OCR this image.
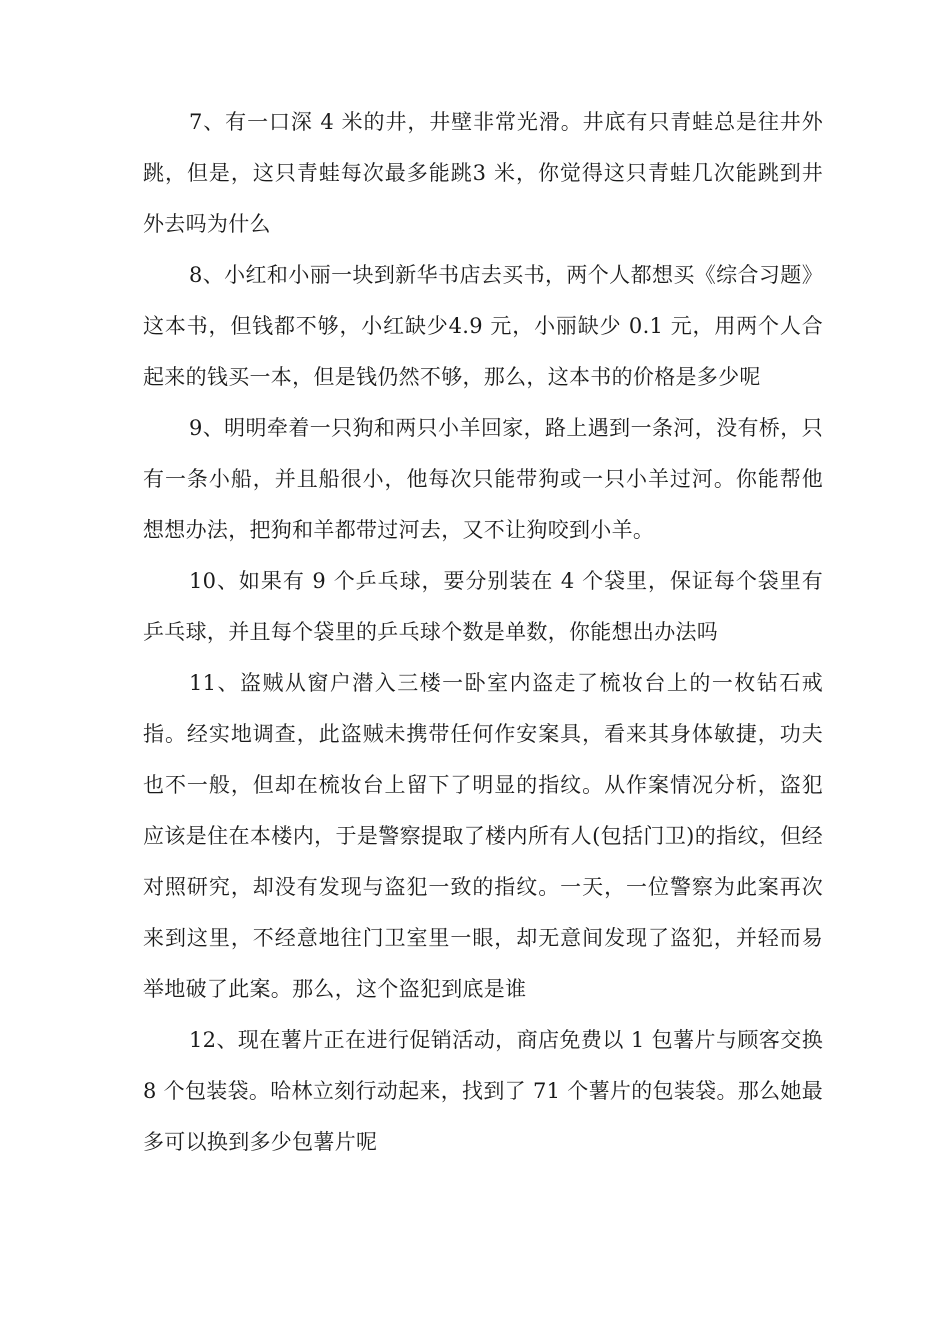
7、有一口深 4 米的井，井壁非常光滑。井底有只青蛙总是往井外跳，但是，这只青蛙每次最多能跳3 米，你觉得这只青蛙几次能跳到井外去吗为什么

8、小红和小丽一块到新华书店去买书，两个人都想买《综合习题》这本书，但钱都不够，小红缺少4.9 元，小丽缺少 0.1 元，用两个人合起来的钱买一本，但是钱仍然不够，那么，这本书的价格是多少呢

9、明明牵着一只狗和两只小羊回家，路上遇到一条河，没有桥，只有一条小船，并且船很小，他每次只能带狗或一只小羊过河。你能帮他想想办法，把狗和羊都带过河去，又不让狗咬到小羊。

10、如果有 9 个乒乓球，要分别装在 4 个袋里，保证每个袋里有乒乓球，并且每个袋里的乒乓球个数是单数，你能想出办法吗

11、盗贼从窗户潜入三楼一卧室内盗走了梳妆台上的一枚钻石戒指。经实地调查，此盗贼未携带任何作安案具，看来其身体敏捷，功夫也不一般，但却在梳妆台上留下了明显的指纹。从作案情况分析，盗犯应该是住在本楼内，于是警察提取了楼内所有人(包括门卫)的指纹，但经对照研究，却没有发现与盗犯一致的指纹。一天，一位警察为此案再次来到这里，不经意地往门卫室里一眼，却无意间发现了盗犯，并轻而易举地破了此案。那么，这个盗犯到底是谁

12、现在薯片正在进行促销活动，商店免费以 1 包薯片与顾客交换 8 个包装袋。哈林立刻行动起来，找到了 71 个薯片的包装袋。那么她最多可以换到多少包薯片呢
